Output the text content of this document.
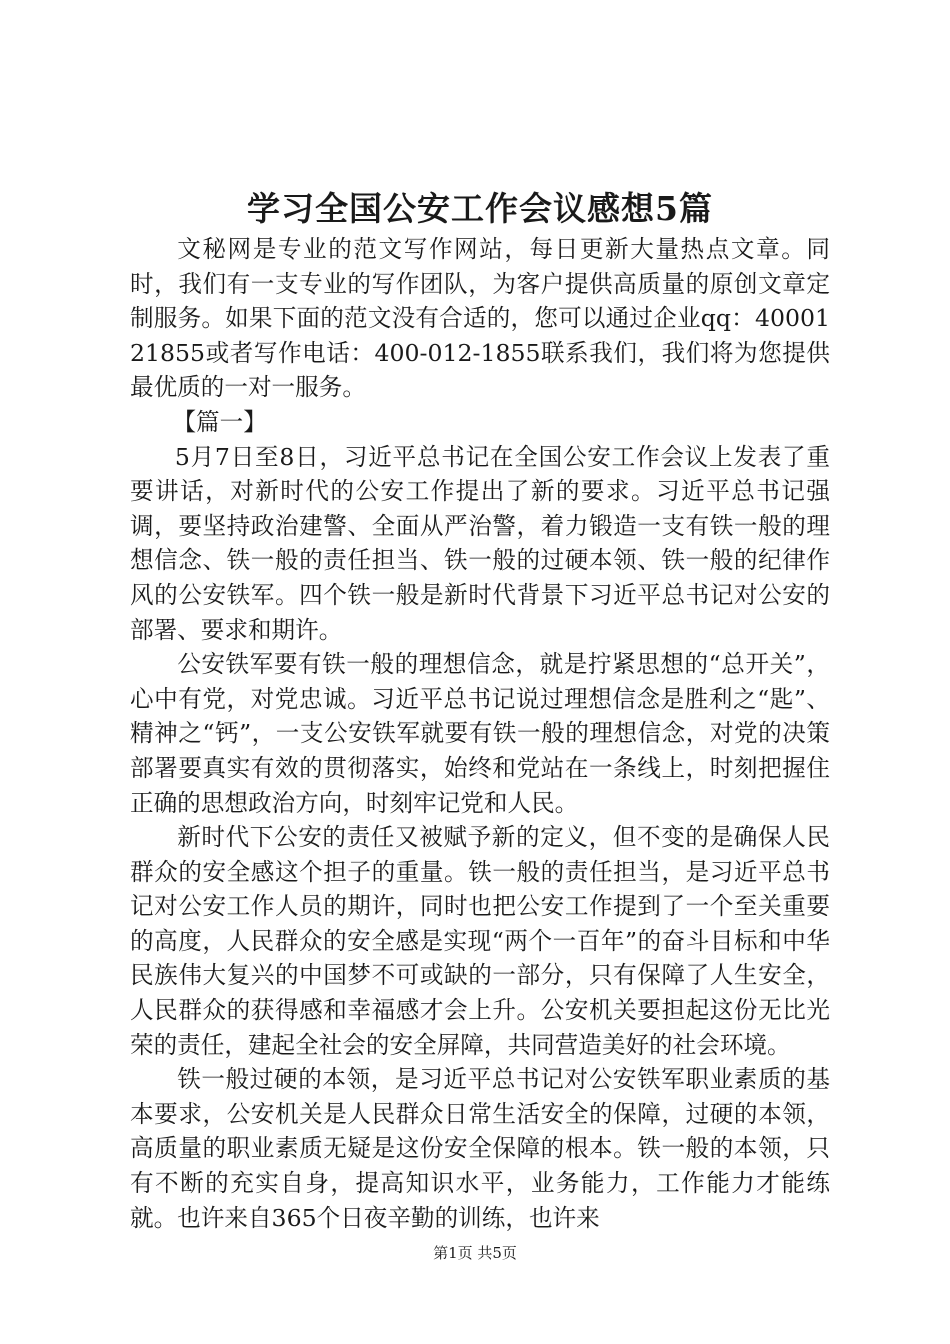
学习全国公安工作会议感想5篇

文秘网是专业的范文写作网站，每日更新大量热点文章。同时，我们有一支专业的写作团队，为客户提供高质量的原创文章定制服务。如果下面的范文没有合适的，您可以通过企业qq：4000121855或者写作电话：400-012-1855联系我们，我们将为您提供最优质的一对一服务。

【篇一】

5月7日至8日，习近平总书记在全国公安工作会议上发表了重要讲话，对新时代的公安工作提出了新的要求。习近平总书记强调，要坚持政治建警、全面从严治警，着力锻造一支有铁一般的理想信念、铁一般的责任担当、铁一般的过硬本领、铁一般的纪律作风的公安铁军。四个铁一般是新时代背景下习近平总书记对公安的部署、要求和期许。

公安铁军要有铁一般的理想信念，就是拧紧思想的“总开关”，心中有党，对党忠诚。习近平总书记说过理想信念是胜利之“匙”、精神之“钙”，一支公安铁军就要有铁一般的理想信念，对党的决策部署要真实有效的贯彻落实，始终和党站在一条线上，时刻把握住正确的思想政治方向，时刻牢记党和人民。

新时代下公安的责任又被赋予新的定义，但不变的是确保人民群众的安全感这个担子的重量。铁一般的责任担当，是习近平总书记对公安工作人员的期许，同时也把公安工作提到了一个至关重要的高度，人民群众的安全感是实现“两个一百年”的奋斗目标和中华民族伟大复兴的中国梦不可或缺的一部分，只有保障了人生安全，人民群众的获得感和幸福感才会上升。公安机关要担起这份无比光荣的责任，建起全社会的安全屏障，共同营造美好的社会环境。

铁一般过硬的本领，是习近平总书记对公安铁军职业素质的基本要求，公安机关是人民群众日常生活安全的保障，过硬的本领，高质量的职业素质无疑是这份安全保障的根本。铁一般的本领，只有不断的充实自身，提高知识水平，业务能力，工作能力才能练就。也许来自365个日夜辛勤的训练，也许来

第1页 共5页
